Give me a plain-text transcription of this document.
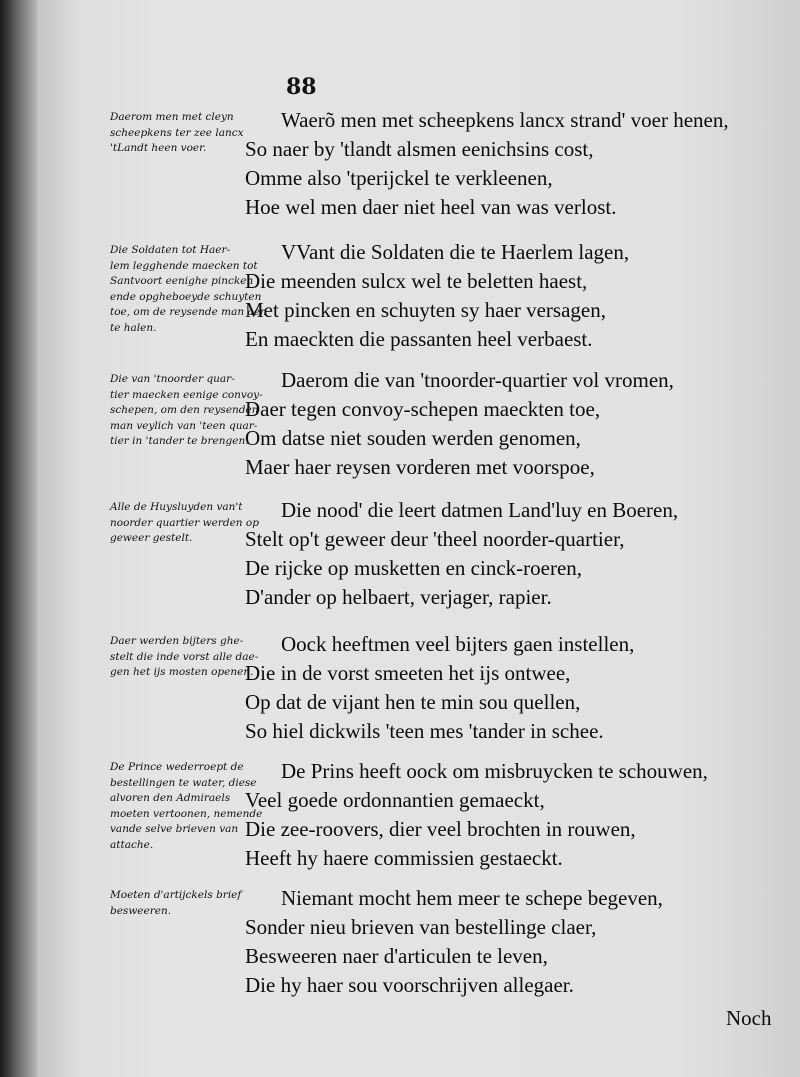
88
Daerom men met cleyn
scheepkens ter zee lancx
'tLandt heen voer.
Waerõ men met scheepkens lancx strand' voer henen,
So naer by 'tlandt alsmen eenichsins cost,
Omme also 'tperijckel te verkleenen,
Hoe wel men daer niet heel van was verlost.
Die Soldaten tot Haer-
lem legghende maecken tot
Santvoort eenighe pincken
ende opgheboeyde schuyten
toe, om de reysende man aen
te halen.
VVant die Soldaten die te Haerlem lagen,
Die meenden sulcx wel te beletten haest,
Met pincken en schuyten sy haer versagen,
En maeckten die passanten heel verbaest.
Die van 'tnoorder quar-
tier maecken eenige convoy-
schepen, om den reysenden
man veylich van 'teen quar-
tier in 'tander te brengen.
Daerom die van 'tnoorder-quartier vol vromen,
Daer tegen convoy-schepen maeckten toe,
Om datse niet souden werden genomen,
Maer haer reysen vorderen met voorspoe,
Alle de Huysluyden van't
noorder quartier werden op
geweer gestelt.
Die nood' die leert datmen Land'luy en Boeren,
Stelt op't geweer deur 'theel noorder-quartier,
De rijcke op musketten en cinck-roeren,
D'ander op helbaert, verjager, rapier.
Daer werden bijters ghe-
stelt die inde vorst alle dae-
gen het ijs mosten openen.
Oock heeftmen veel bijters gaen instellen,
Die in de vorst smeeten het ijs ontwee,
Op dat de vijant hen te min sou quellen,
So hiel dickwils 'teen mes 'tander in schee.
De Prince wederroept de
bestellingen te water, diese
alvoren den Admiraels
moeten vertoonen, nemende
vande selve brieven van
attache.
De Prins heeft oock om misbruycken te schouwen,
Veel goede ordonnantien gemaeckt,
Die zee-roovers, dier veel brochten in rouwen,
Heeft hy haere commissien gestaeckt.
Moeten d'artijckels brief
besweeren.
Niemant mocht hem meer te schepe begeven,
Sonder nieu brieven van bestellinge claer,
Besweeren naer d'articulen te leven,
Die hy haer sou voorschrijven allegaer.
Noch
